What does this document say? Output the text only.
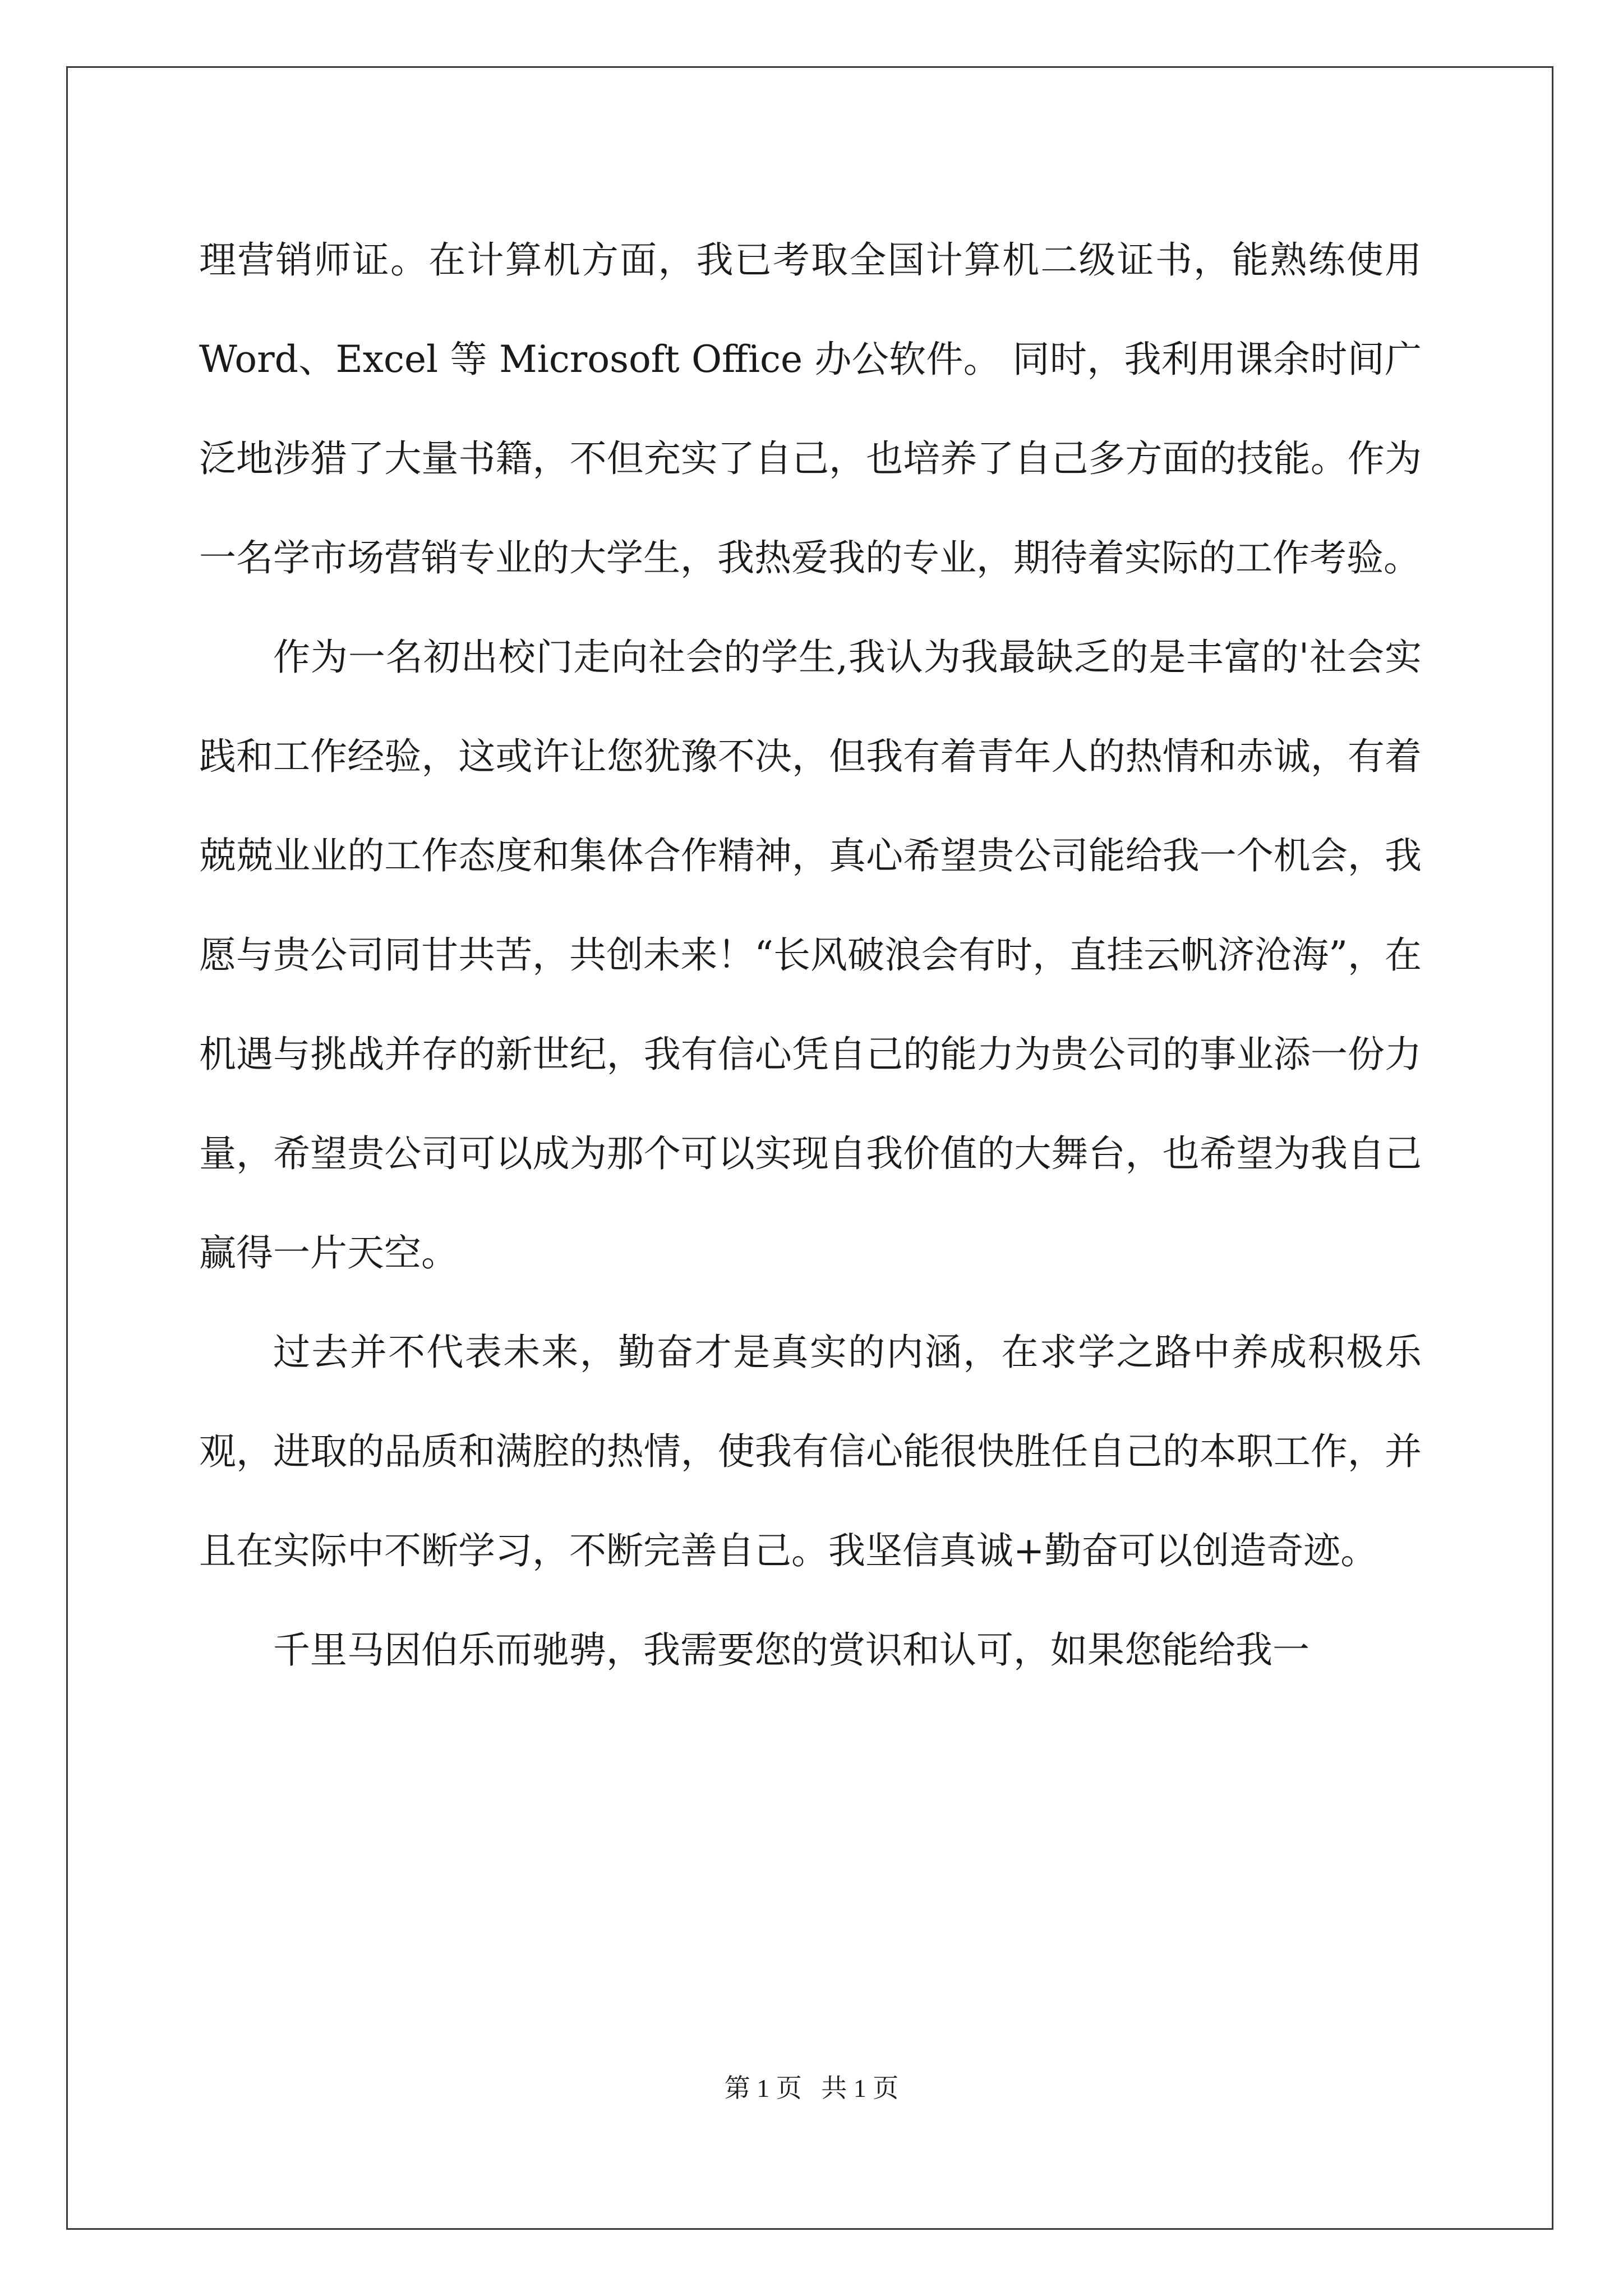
理营销师证。在计算机方面，我已考取全国计算机二级证书，能熟练使用 Word、Excel 等 Microsoft Office 办公软件。 同时，我利用课余时间广泛地涉猎了大量书籍，不但充实了自己，也培养了自己多方面的技能。作为一名学市场营销专业的大学生，我热爱我的专业，期待着实际的工作考验。

作为一名初出校门走向社会的学生,我认为我最缺乏的是丰富的'社会实践和工作经验，这或许让您犹豫不决，但我有着青年人的热情和赤诚，有着兢兢业业的工作态度和集体合作精神，真心希望贵公司能给我一个机会，我愿与贵公司同甘共苦，共创未来！“长风破浪会有时，直挂云帆济沧海”，在机遇与挑战并存的新世纪，我有信心凭自己的能力为贵公司的事业添一份力量，希望贵公司可以成为那个可以实现自我价值的大舞台，也希望为我自己赢得一片天空。

过去并不代表未来，勤奋才是真实的内涵，在求学之路中养成积极乐观，进取的品质和满腔的热情，使我有信心能很快胜任自己的本职工作，并且在实际中不断学习，不断完善自己。我坚信真诚+勤奋可以创造奇迹。

千里马因伯乐而驰骋，我需要您的赏识和认可，如果您能给我一

第 1 页   共 1 页
